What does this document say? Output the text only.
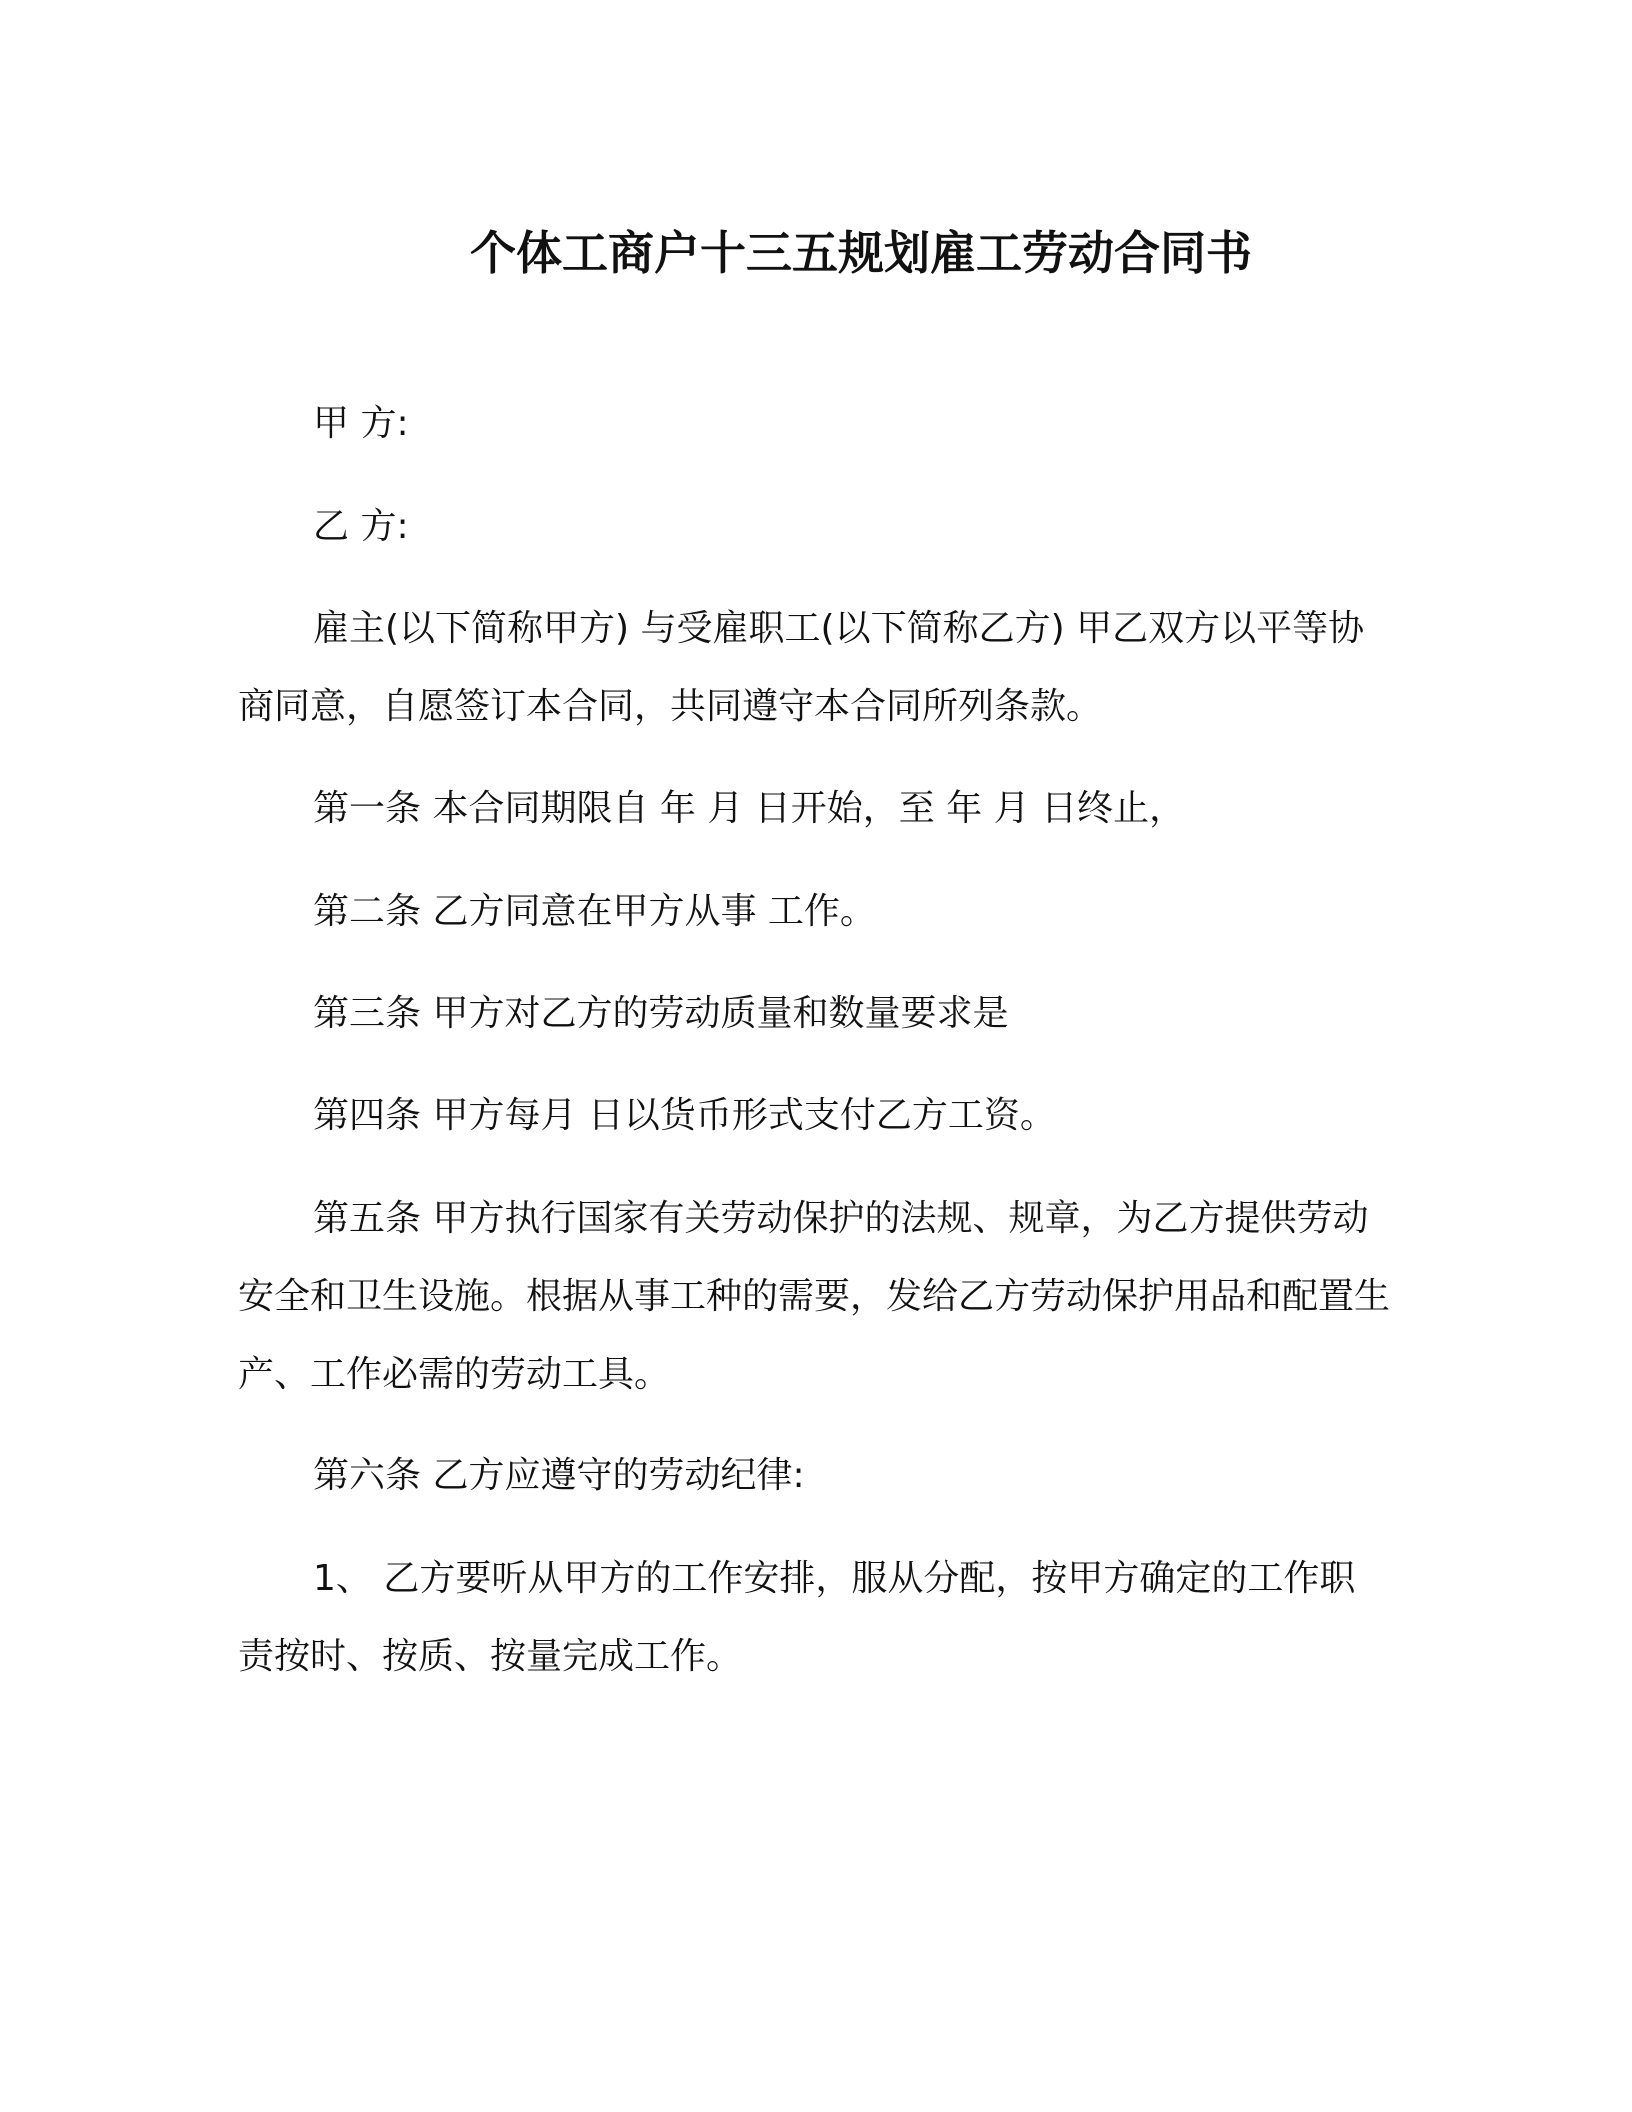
个体工商户十三五规划雇工劳动合同书
甲 方:
乙 方:
雇主(以下简称甲方) 与受雇职工(以下简称乙方) 甲乙双方以平等协商同意，自愿签订本合同，共同遵守本合同所列条款。
第一条 本合同期限自 年 月 日开始，至 年 月 日终止，
第二条 乙方同意在甲方从事 工作。
第三条 甲方对乙方的劳动质量和数量要求是
第四条 甲方每月 日以货币形式支付乙方工资。
第五条 甲方执行国家有关劳动保护的法规、规章，为乙方提供劳动安全和卫生设施。根据从事工种的需要，发给乙方劳动保护用品和配置生产、工作必需的劳动工具。
第六条 乙方应遵守的劳动纪律:
1、 乙方要听从甲方的工作安排，服从分配，按甲方确定的工作职责按时、按质、按量完成工作。
